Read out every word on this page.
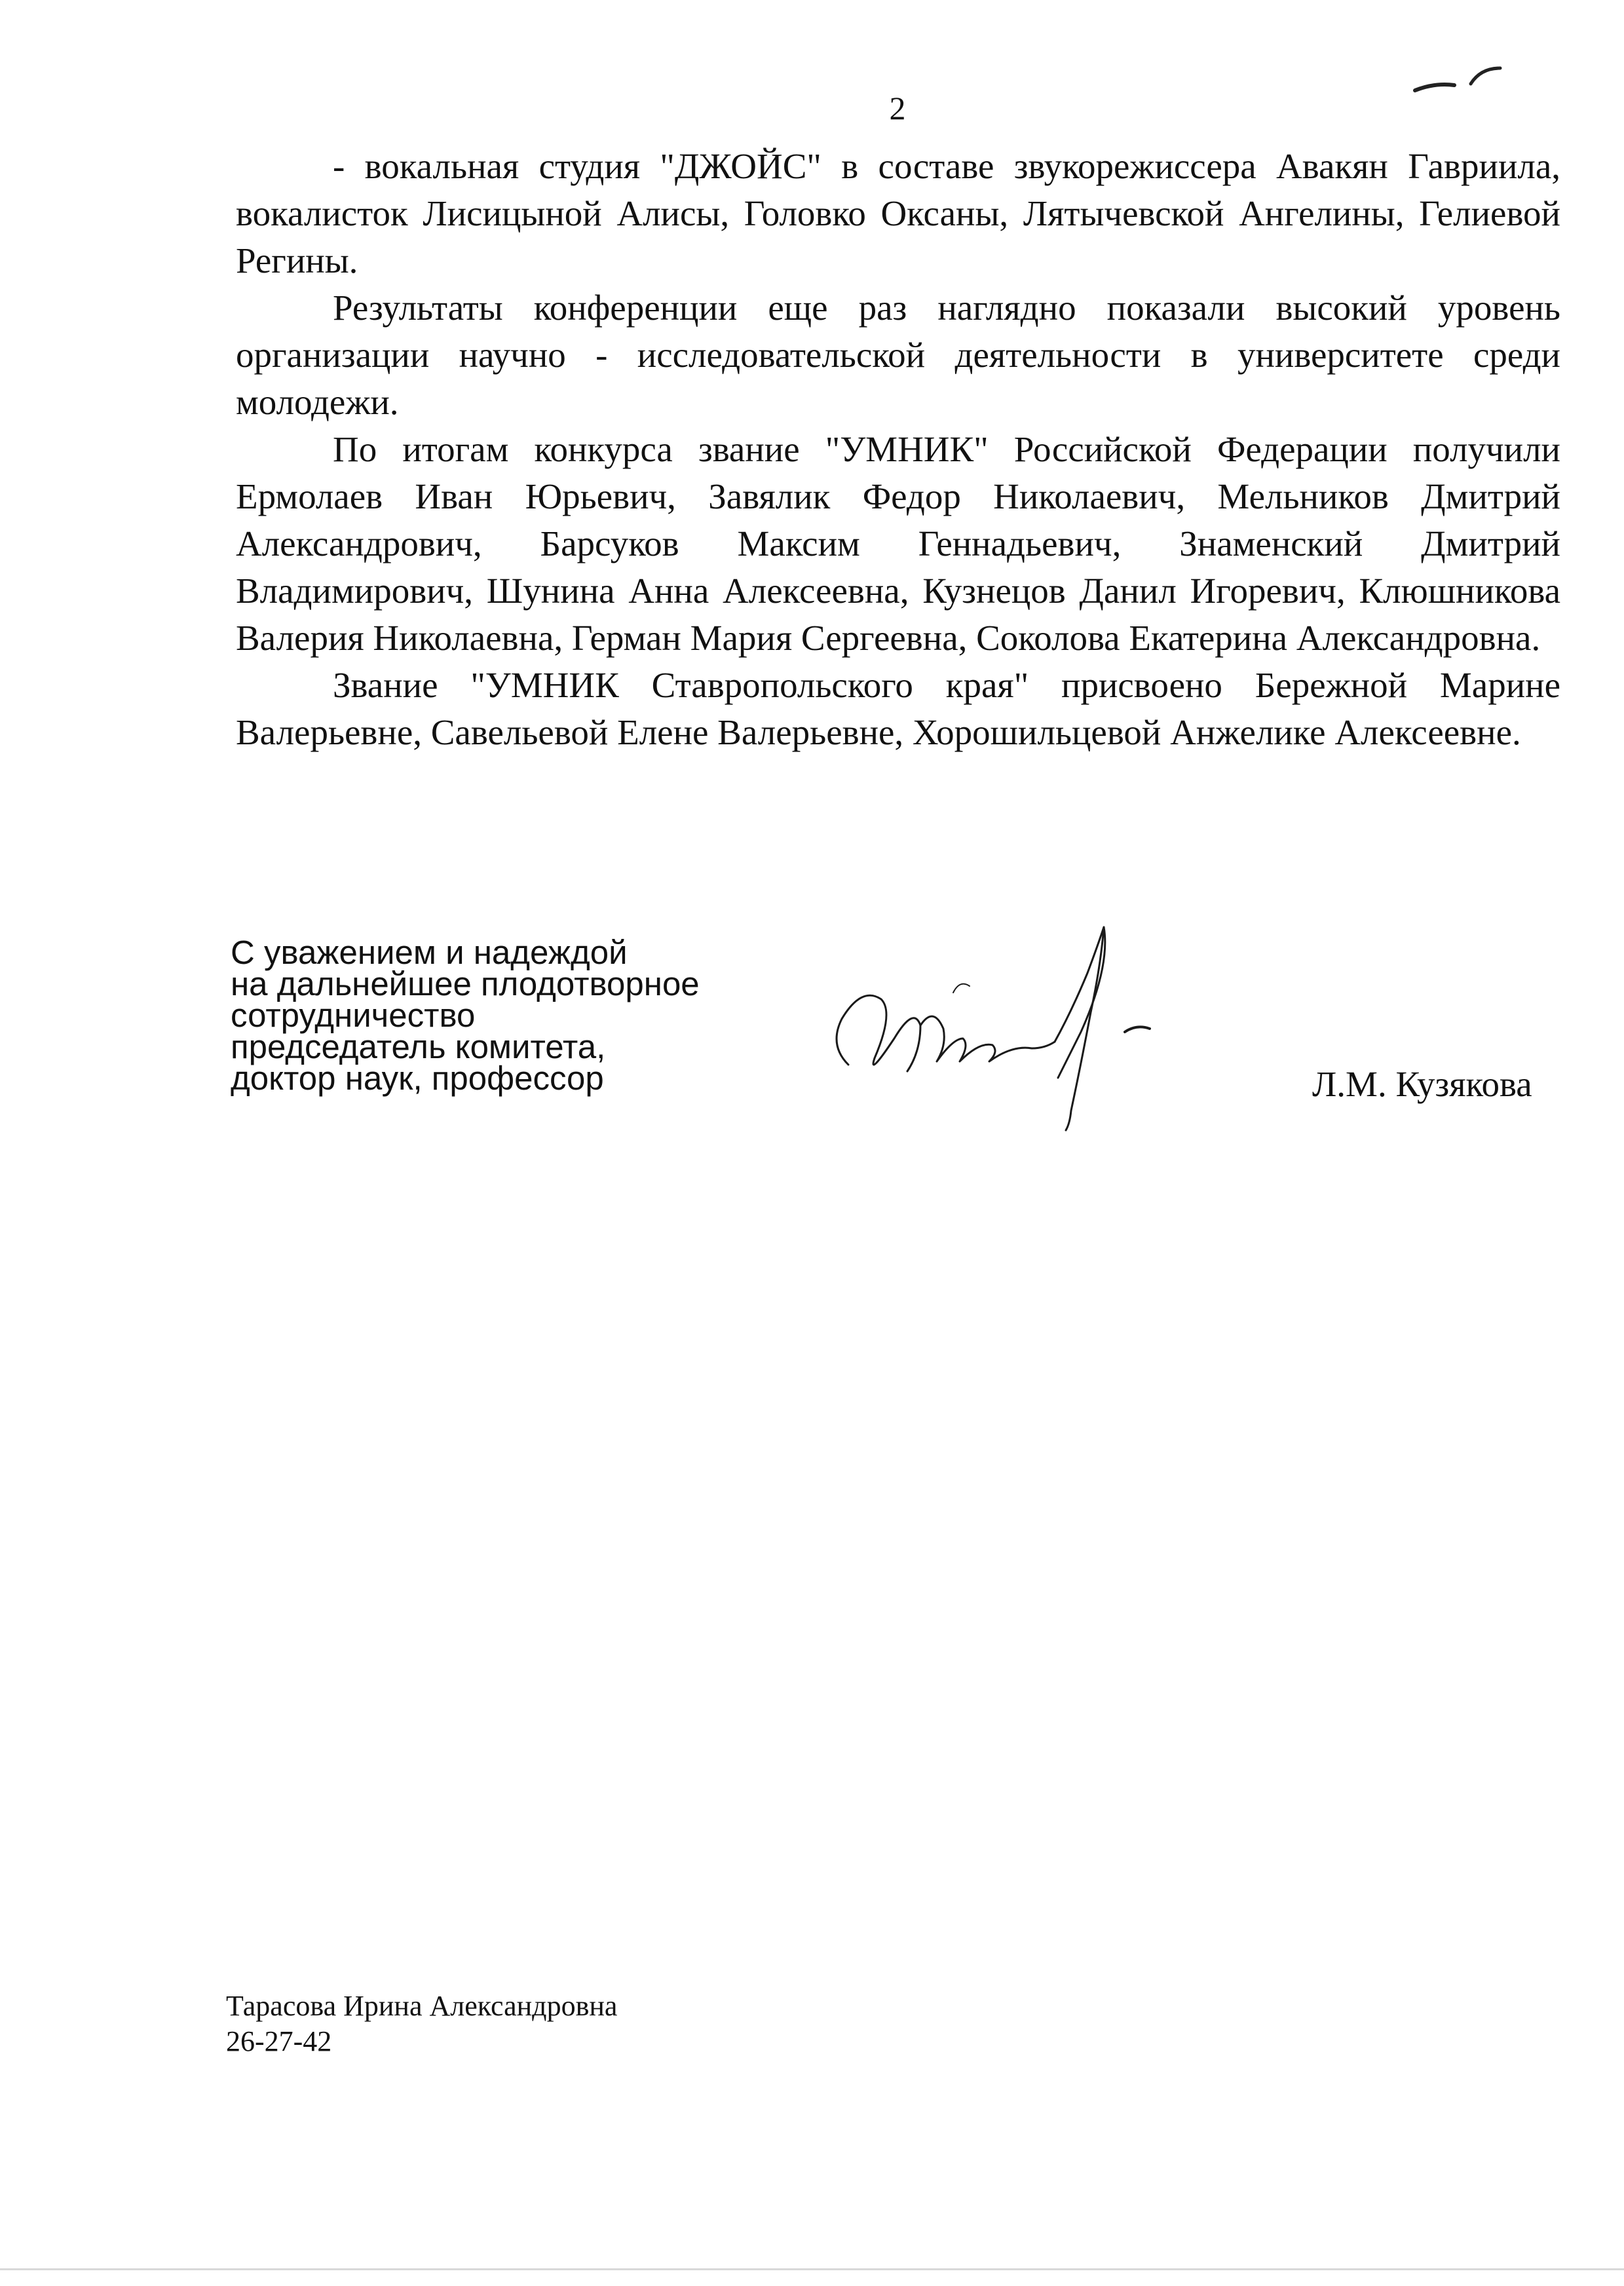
2

- вокальная студия "ДЖОЙС" в составе звукорежиссера Авакян Гавриила, вокалисток Лисицыной Алисы, Головко Оксаны, Лятычевской Ангелины, Гелиевой Регины.

Результаты конференции еще раз наглядно показали высокий уровень организации научно - исследовательской деятельности в университете среди молодежи.

По итогам конкурса звание "УМНИК" Российской Федерации получили Ермолаев Иван Юрьевич, Завялик Федор Николаевич, Мельников Дмитрий Александрович, Барсуков Максим Геннадьевич, Знаменский Дмитрий Владимирович, Шунина Анна Алексеевна, Кузнецов Данил Игоревич, Клюшникова Валерия Николаевна, Герман Мария Сергеевна, Соколова Екатерина Александровна.

Звание "УМНИК Ставропольского края" присвоено Бережной Марине Валерьевне, Савельевой Елене Валерьевне, Хорошильцевой Анжелике Алексеевне.

С уважением и надеждой
на дальнейшее плодотворное
сотрудничество
председатель комитета,
доктор наук, профессор	Л.М. Кузякова
Тарасова Ирина Александровна
26-27-42
